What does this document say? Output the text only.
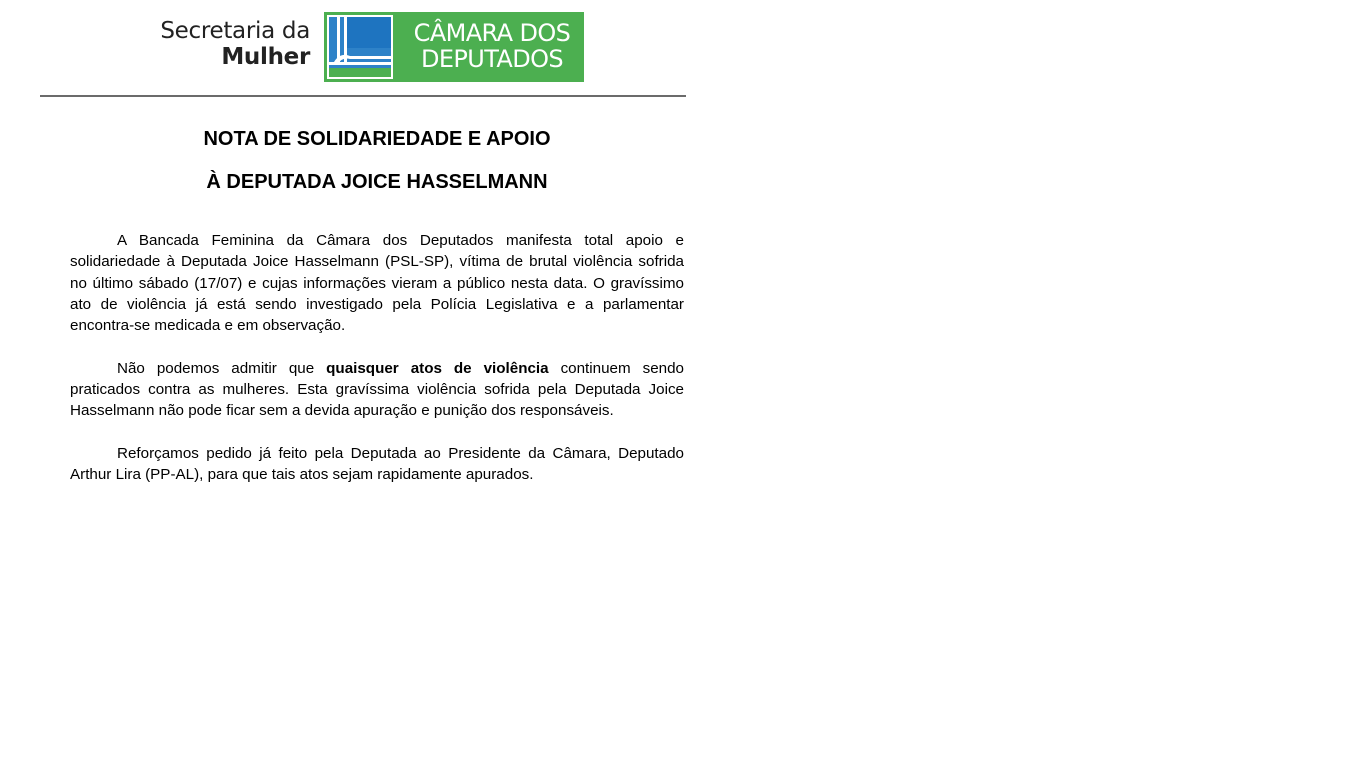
Secretaria da
Mulher
CÂMARA DOS
DEPUTADOS
NOTA DE SOLIDARIEDADE E APOIO
À DEPUTADA JOICE HASSELMANN

A Bancada Feminina da Câmara dos Deputados manifesta total apoio e solidariedade à Deputada Joice Hasselmann (PSL-SP), vítima de brutal violência sofrida no último sábado (17/07) e cujas informações vieram a público nesta data. O gravíssimo ato de violência já está sendo investigado pela Polícia Legislativa e a parlamentar encontra-se medicada e em observação.

Não podemos admitir que quaisquer atos de violência continuem sendo praticados contra as mulheres. Esta gravíssima violência sofrida pela Deputada Joice Hasselmann não pode ficar sem a devida apuração e punição dos responsáveis.

Reforçamos pedido já feito pela Deputada ao Presidente da Câmara, Deputado Arthur Lira (PP-AL), para que tais atos sejam rapidamente apurados.
